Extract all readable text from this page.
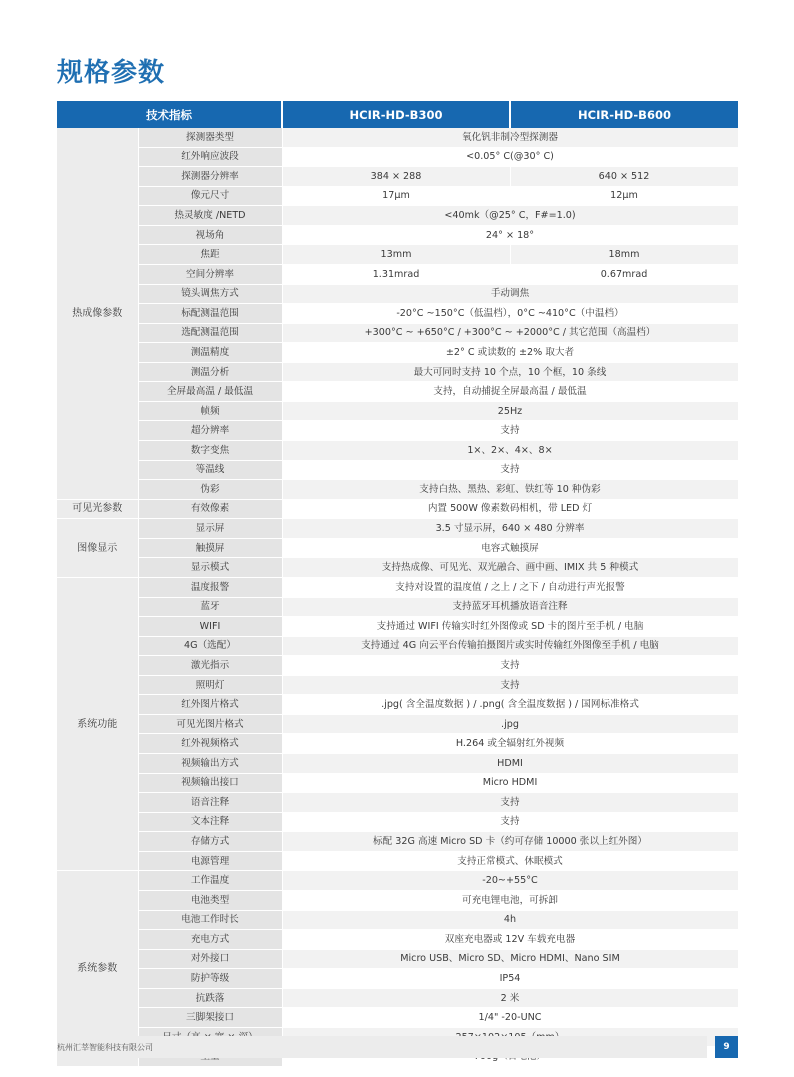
规格参数
技术指标		HCIR-HD-B300	HCIR-HD-B600
热成像参数	探测器类型	氧化钒非制冷型探测器	
	红外响应波段	<0.05° C(@30° C)	
	探测器分辨率	384 × 288	640 × 512
	像元尺寸	17μm	12μm
	热灵敏度 /NETD	<40mk（@25° C，F#=1.0)	
	视场角	24° × 18°	
	焦距	13mm	18mm
	空间分辨率	1.31mrad	0.67mrad
	镜头调焦方式	手动调焦	
	标配测温范围	-20°C ~150°C（低温档），0°C ~410°C（中温档）	
	选配测温范围	+300°C ~ +650°C / +300°C ~ +2000°C / 其它范围（高温档）	
	测温精度	±2° C 或读数的 ±2% 取大者	
	测温分析	最大可同时支持 10 个点，10 个框，10 条线	
	全屏最高温 / 最低温	支持，自动捕捉全屏最高温 / 最低温	
	帧频	25Hz	
	超分辨率	支持	
	数字变焦	1×、2×、4×、8×	
	等温线	支持	
	伪彩	支持白热、黑热、彩虹、铁红等 10 种伪彩	
可见光参数	有效像素	内置 500W 像素数码相机，带 LED 灯	
图像显示	显示屏	3.5 寸显示屏，640 × 480 分辨率	
	触摸屏	电容式触摸屏	
	显示模式	支持热成像、可见光、双光融合、画中画、IMIX 共 5 种模式	
系统功能	温度报警	支持对设置的温度值 / 之上 / 之下 / 自动进行声光报警	
	蓝牙	支持蓝牙耳机播放语音注释	
	WIFI	支持通过 WIFI 传输实时红外图像或 SD 卡的图片至手机 / 电脑	
	4G（选配）	支持通过 4G 向云平台传输拍摄图片或实时传输红外图像至手机 / 电脑	
	激光指示	支持	
	照明灯	支持	
	红外图片格式	.jpg( 含全温度数据 ) / .png( 含全温度数据 ) / 国网标准格式	
	可见光图片格式	.jpg	
	红外视频格式	H.264 或全辐射红外视频	
	视频输出方式	HDMI	
	视频输出接口	Micro HDMI	
	语音注释	支持	
	文本注释	支持	
	存储方式	标配 32G 高速 Micro SD 卡（约可存储 10000 张以上红外图）	
	电源管理	支持正常模式、休眠模式	
系统参数	工作温度	-20~+55°C	
	电池类型	可充电锂电池，可拆卸	
	电池工作时长	4h	
	充电方式	双座充电器或 12V 车载充电器	
	对外接口	Micro USB、Micro SD、Micro HDMI、Nano SIM	
	防护等级	IP54	
	抗跌落	2 米	
	三脚架接口	1/4" -20-UNC	

杭州汇莘智能科技有限公司	9
